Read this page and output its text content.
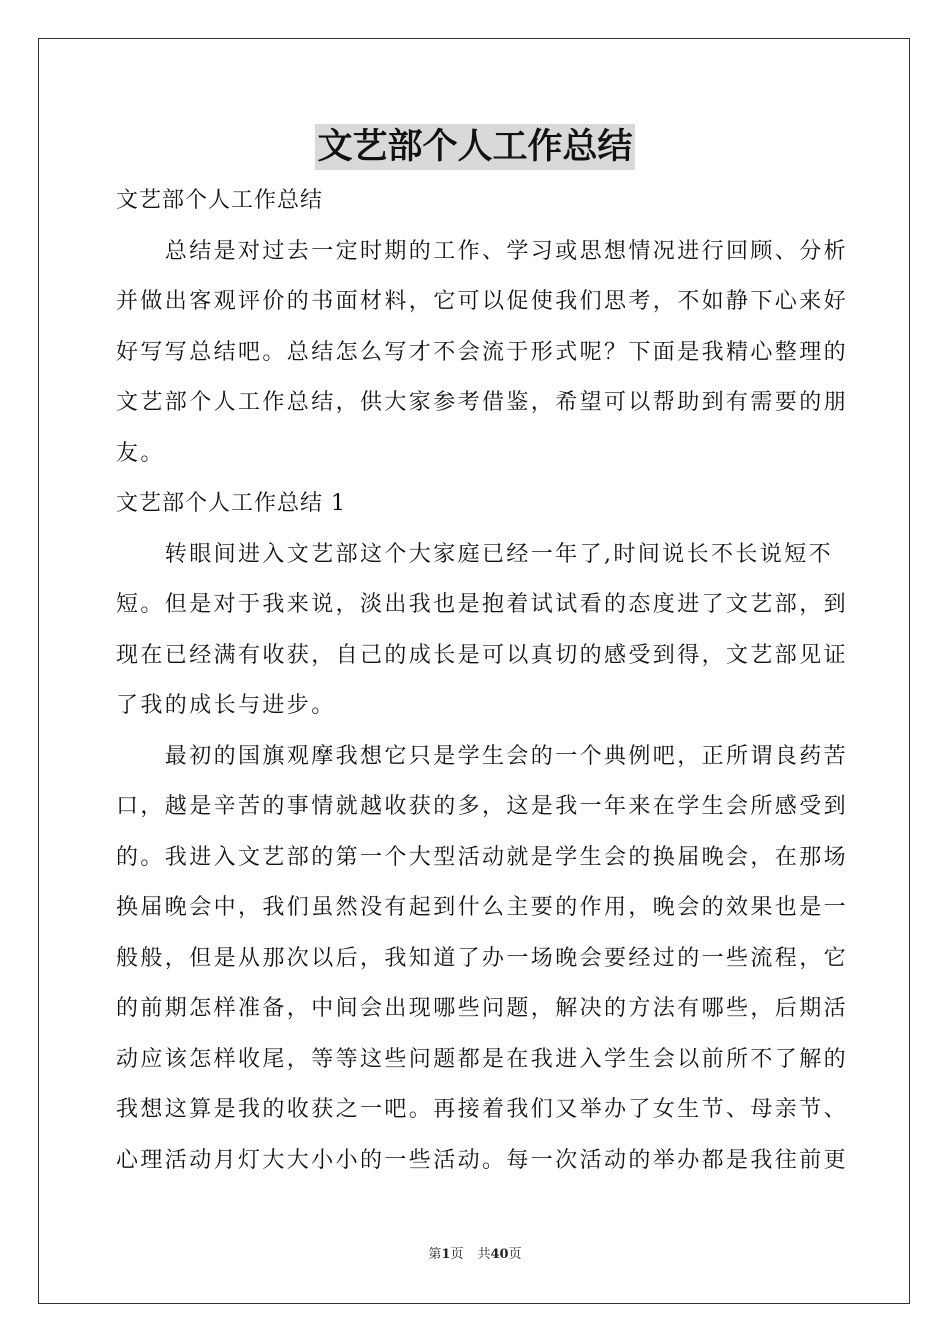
文艺部个人工作总结
文艺部个人工作总结
　　总结是对过去一定时期的工作、学习或思想情况进行回顾、分析
并做出客观评价的书面材料，它可以促使我们思考，不如静下心来好
好写写总结吧。总结怎么写才不会流于形式呢？下面是我精心整理的
文艺部个人工作总结，供大家参考借鉴，希望可以帮助到有需要的朋
友。
文艺部个人工作总结 1
　　转眼间进入文艺部这个大家庭已经一年了,时间说长不长说短不
短。但是对于我来说，淡出我也是抱着试试看的态度进了文艺部，到
现在已经满有收获，自己的成长是可以真切的感受到得，文艺部见证
了我的成长与进步。
　　最初的国旗观摩我想它只是学生会的一个典例吧，正所谓良药苦
口，越是辛苦的事情就越收获的多，这是我一年来在学生会所感受到
的。我进入文艺部的第一个大型活动就是学生会的换届晚会，在那场
换届晚会中，我们虽然没有起到什么主要的作用，晚会的效果也是一
般般，但是从那次以后，我知道了办一场晚会要经过的一些流程，它
的前期怎样准备，中间会出现哪些问题，解决的方法有哪些，后期活
动应该怎样收尾，等等这些问题都是在我进入学生会以前所不了解的
我想这算是我的收获之一吧。再接着我们又举办了女生节、母亲节、
心理活动月灯大大小小的一些活动。每一次活动的举办都是我往前更
第1页 共40页
